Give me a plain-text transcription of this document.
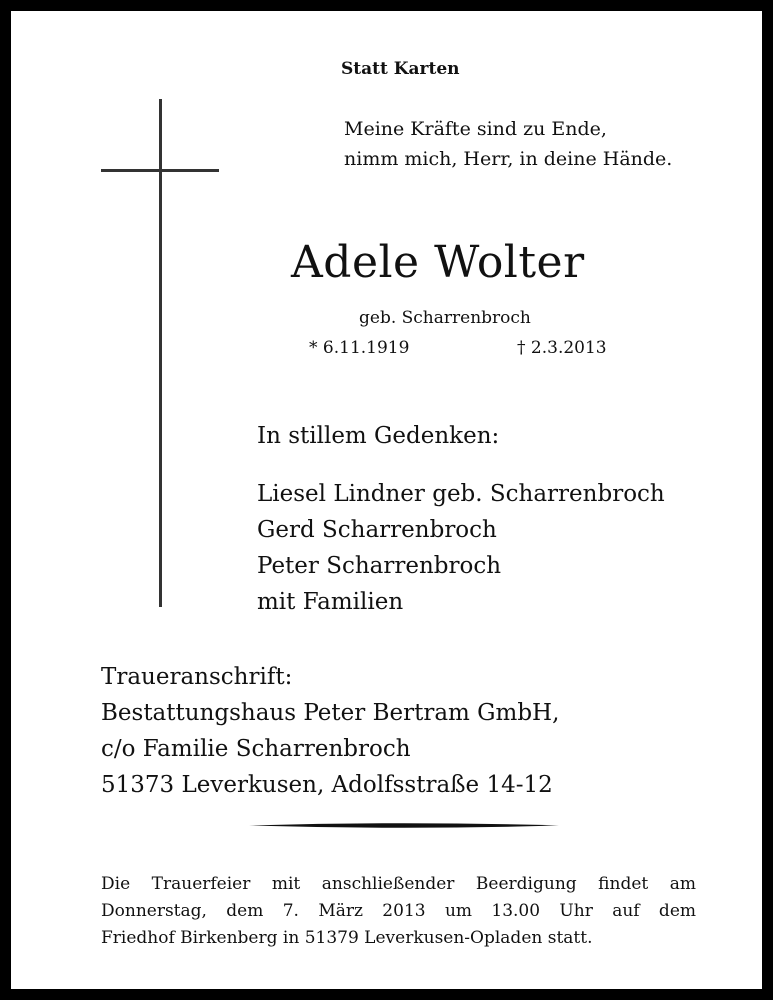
Statt Karten
Meine Kräfte sind zu Ende,
nimm mich, Herr, in deine Hände.
Adele Wolter
geb. Scharrenbroch
* 6.11.1919	† 2.3.2013
In stillem Gedenken:
Liesel Lindner geb. Scharrenbroch
Gerd Scharrenbroch
Peter Scharrenbroch
mit Familien
Traueranschrift:
Bestattungshaus Peter Bertram GmbH,
c/o Familie Scharrenbroch
51373 Leverkusen, Adolfsstraße 14-12
Die Trauerfeier mit anschließender Beerdigung findet am
Donnerstag, dem 7. März 2013 um 13.00 Uhr auf dem
Friedhof Birkenberg in 51379 Leverkusen-Opladen statt.
